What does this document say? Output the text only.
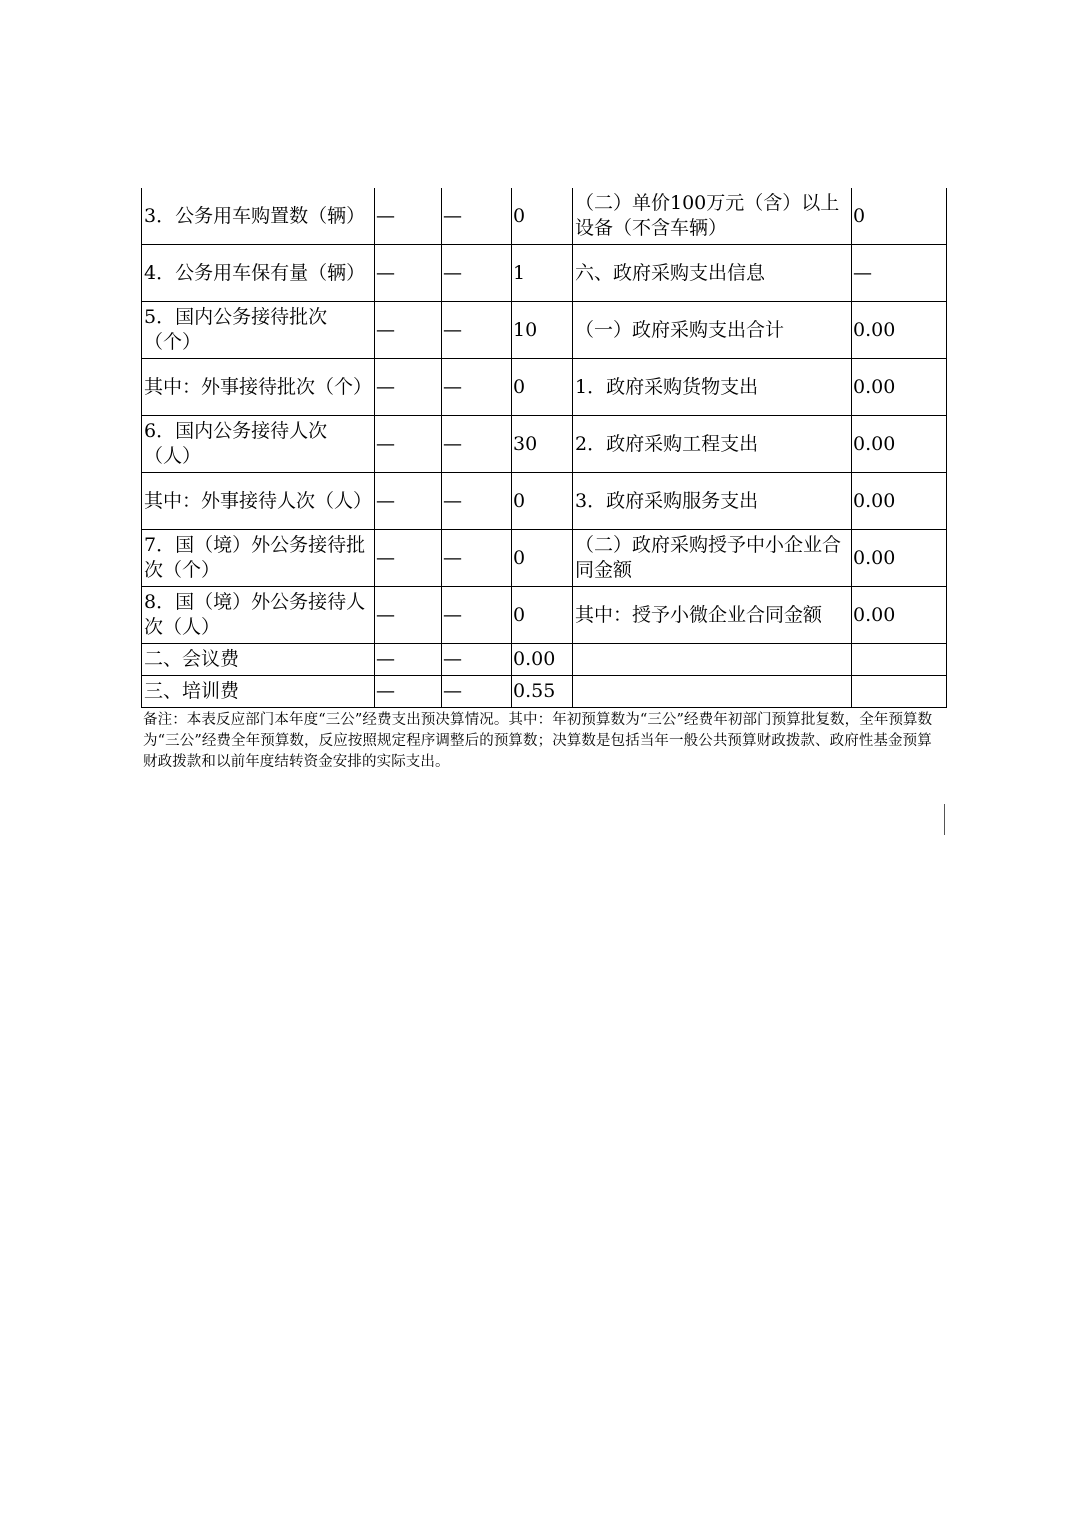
3．公务用车购置数（辆）	—	—	0	（二）单价100万元（含）以上设备（不含车辆）	0
4．公务用车保有量（辆）	—	—	1	六、政府采购支出信息	—
5．国内公务接待批次（个）	—	—	10	（一）政府采购支出合计	0.00
其中：外事接待批次（个）	—	—	0	1．政府采购货物支出	0.00
6．国内公务接待人次（人）	—	—	30	2．政府采购工程支出	0.00
其中：外事接待人次（人）	—	—	0	3．政府采购服务支出	0.00
7．国（境）外公务接待批次（个）	—	—	0	（二）政府采购授予中小企业合同金额	0.00
8．国（境）外公务接待人次（人）	—	—	0	其中：授予小微企业合同金额	0.00
二、会议费	—	—	0.00		
三、培训费	—	—	0.55		
备注：本表反应部门本年度“三公”经费支出预决算情况。其中：年初预算数为“三公”经费年初部门预算批复数，全年预算数为“三公”经费全年预算数，反应按照规定程序调整后的预算数；决算数是包括当年一般公共预算财政拨款、政府性基金预算财政拨款和以前年度结转资金安排的实际支出。
